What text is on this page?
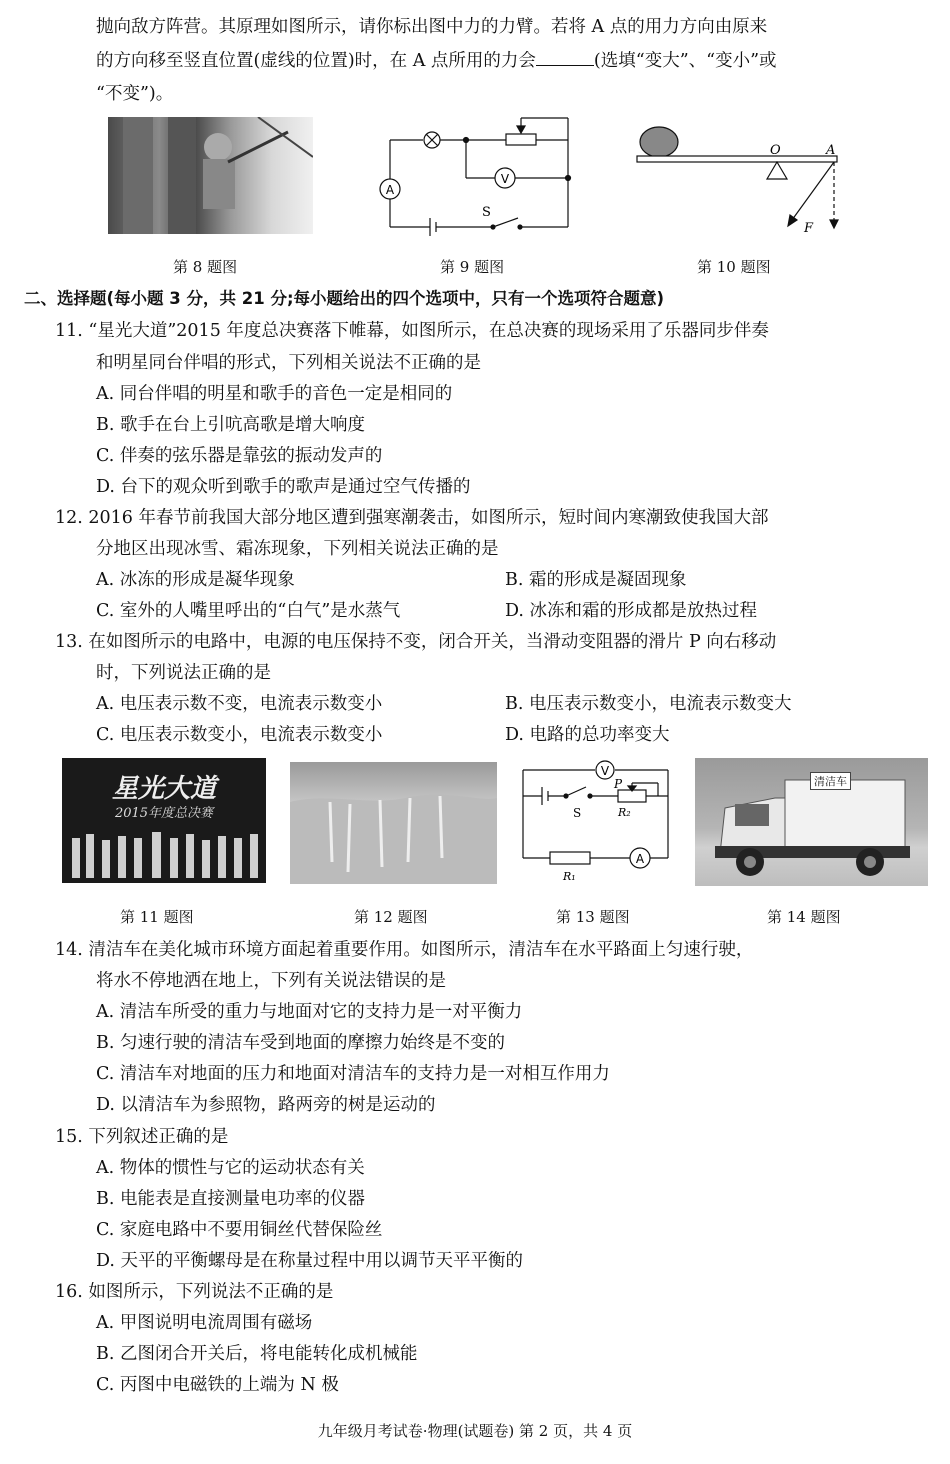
抛向敌方阵营。其原理如图所示，请你标出图中力的力臂。若将 A 点的用力方向由原来
的方向移至竖直位置(虚线的位置)时，在 A 点所用的力会	(选填“变大”、“变小”或
“不变”)。
第 8 题图
V
A
S
第 9 题图
O	A
F
第 10 题图
二、选择题(每小题 3 分，共 21 分;每小题给出的四个选项中，只有一个选项符合题意)
11. “星光大道”2015 年度总决赛落下帷幕，如图所示，在总决赛的现场采用了乐器同步伴奏
和明星同台伴唱的形式，下列相关说法不正确的是
A. 同台伴唱的明星和歌手的音色一定是相同的
B. 歌手在台上引吭高歌是增大响度
C. 伴奏的弦乐器是靠弦的振动发声的
D. 台下的观众听到歌手的歌声是通过空气传播的
12. 2016 年春节前我国大部分地区遭到强寒潮袭击，如图所示，短时间内寒潮致使我国大部
分地区出现冰雪、霜冻现象，下列相关说法正确的是
A. 冰冻的形成是凝华现象	B. 霜的形成是凝固现象
C. 室外的人嘴里呼出的“白气”是水蒸气	D. 冰冻和霜的形成都是放热过程
13. 在如图所示的电路中，电源的电压保持不变，闭合开关，当滑动变阻器的滑片 P 向右移动
时，下列说法正确的是
A. 电压表示数不变，电流表示数变小	B. 电压表示数变小，电流表示数变大
C. 电压表示数变小，电流表示数变小	D. 电路的总功率变大
星光大道
2015年度总决赛
第 11 题图	第 12 题图
V
A
P
S	R₂
R₁
第 13 题图
清洁车
第 14 题图
14. 清洁车在美化城市环境方面起着重要作用。如图所示，清洁车在水平路面上匀速行驶，
将水不停地洒在地上，下列有关说法错误的是
A. 清洁车所受的重力与地面对它的支持力是一对平衡力
B. 匀速行驶的清洁车受到地面的摩擦力始终是不变的
C. 清洁车对地面的压力和地面对清洁车的支持力是一对相互作用力
D. 以清洁车为参照物，路两旁的树是运动的
15. 下列叙述正确的是
A. 物体的惯性与它的运动状态有关
B. 电能表是直接测量电功率的仪器
C. 家庭电路中不要用铜丝代替保险丝
D. 天平的平衡螺母是在称量过程中用以调节天平平衡的
16. 如图所示，下列说法不正确的是
A. 甲图说明电流周围有磁场
B. 乙图闭合开关后，将电能转化成机械能
C. 丙图中电磁铁的上端为 N 极
九年级月考试卷·物理(试题卷) 第 2 页，共 4 页
